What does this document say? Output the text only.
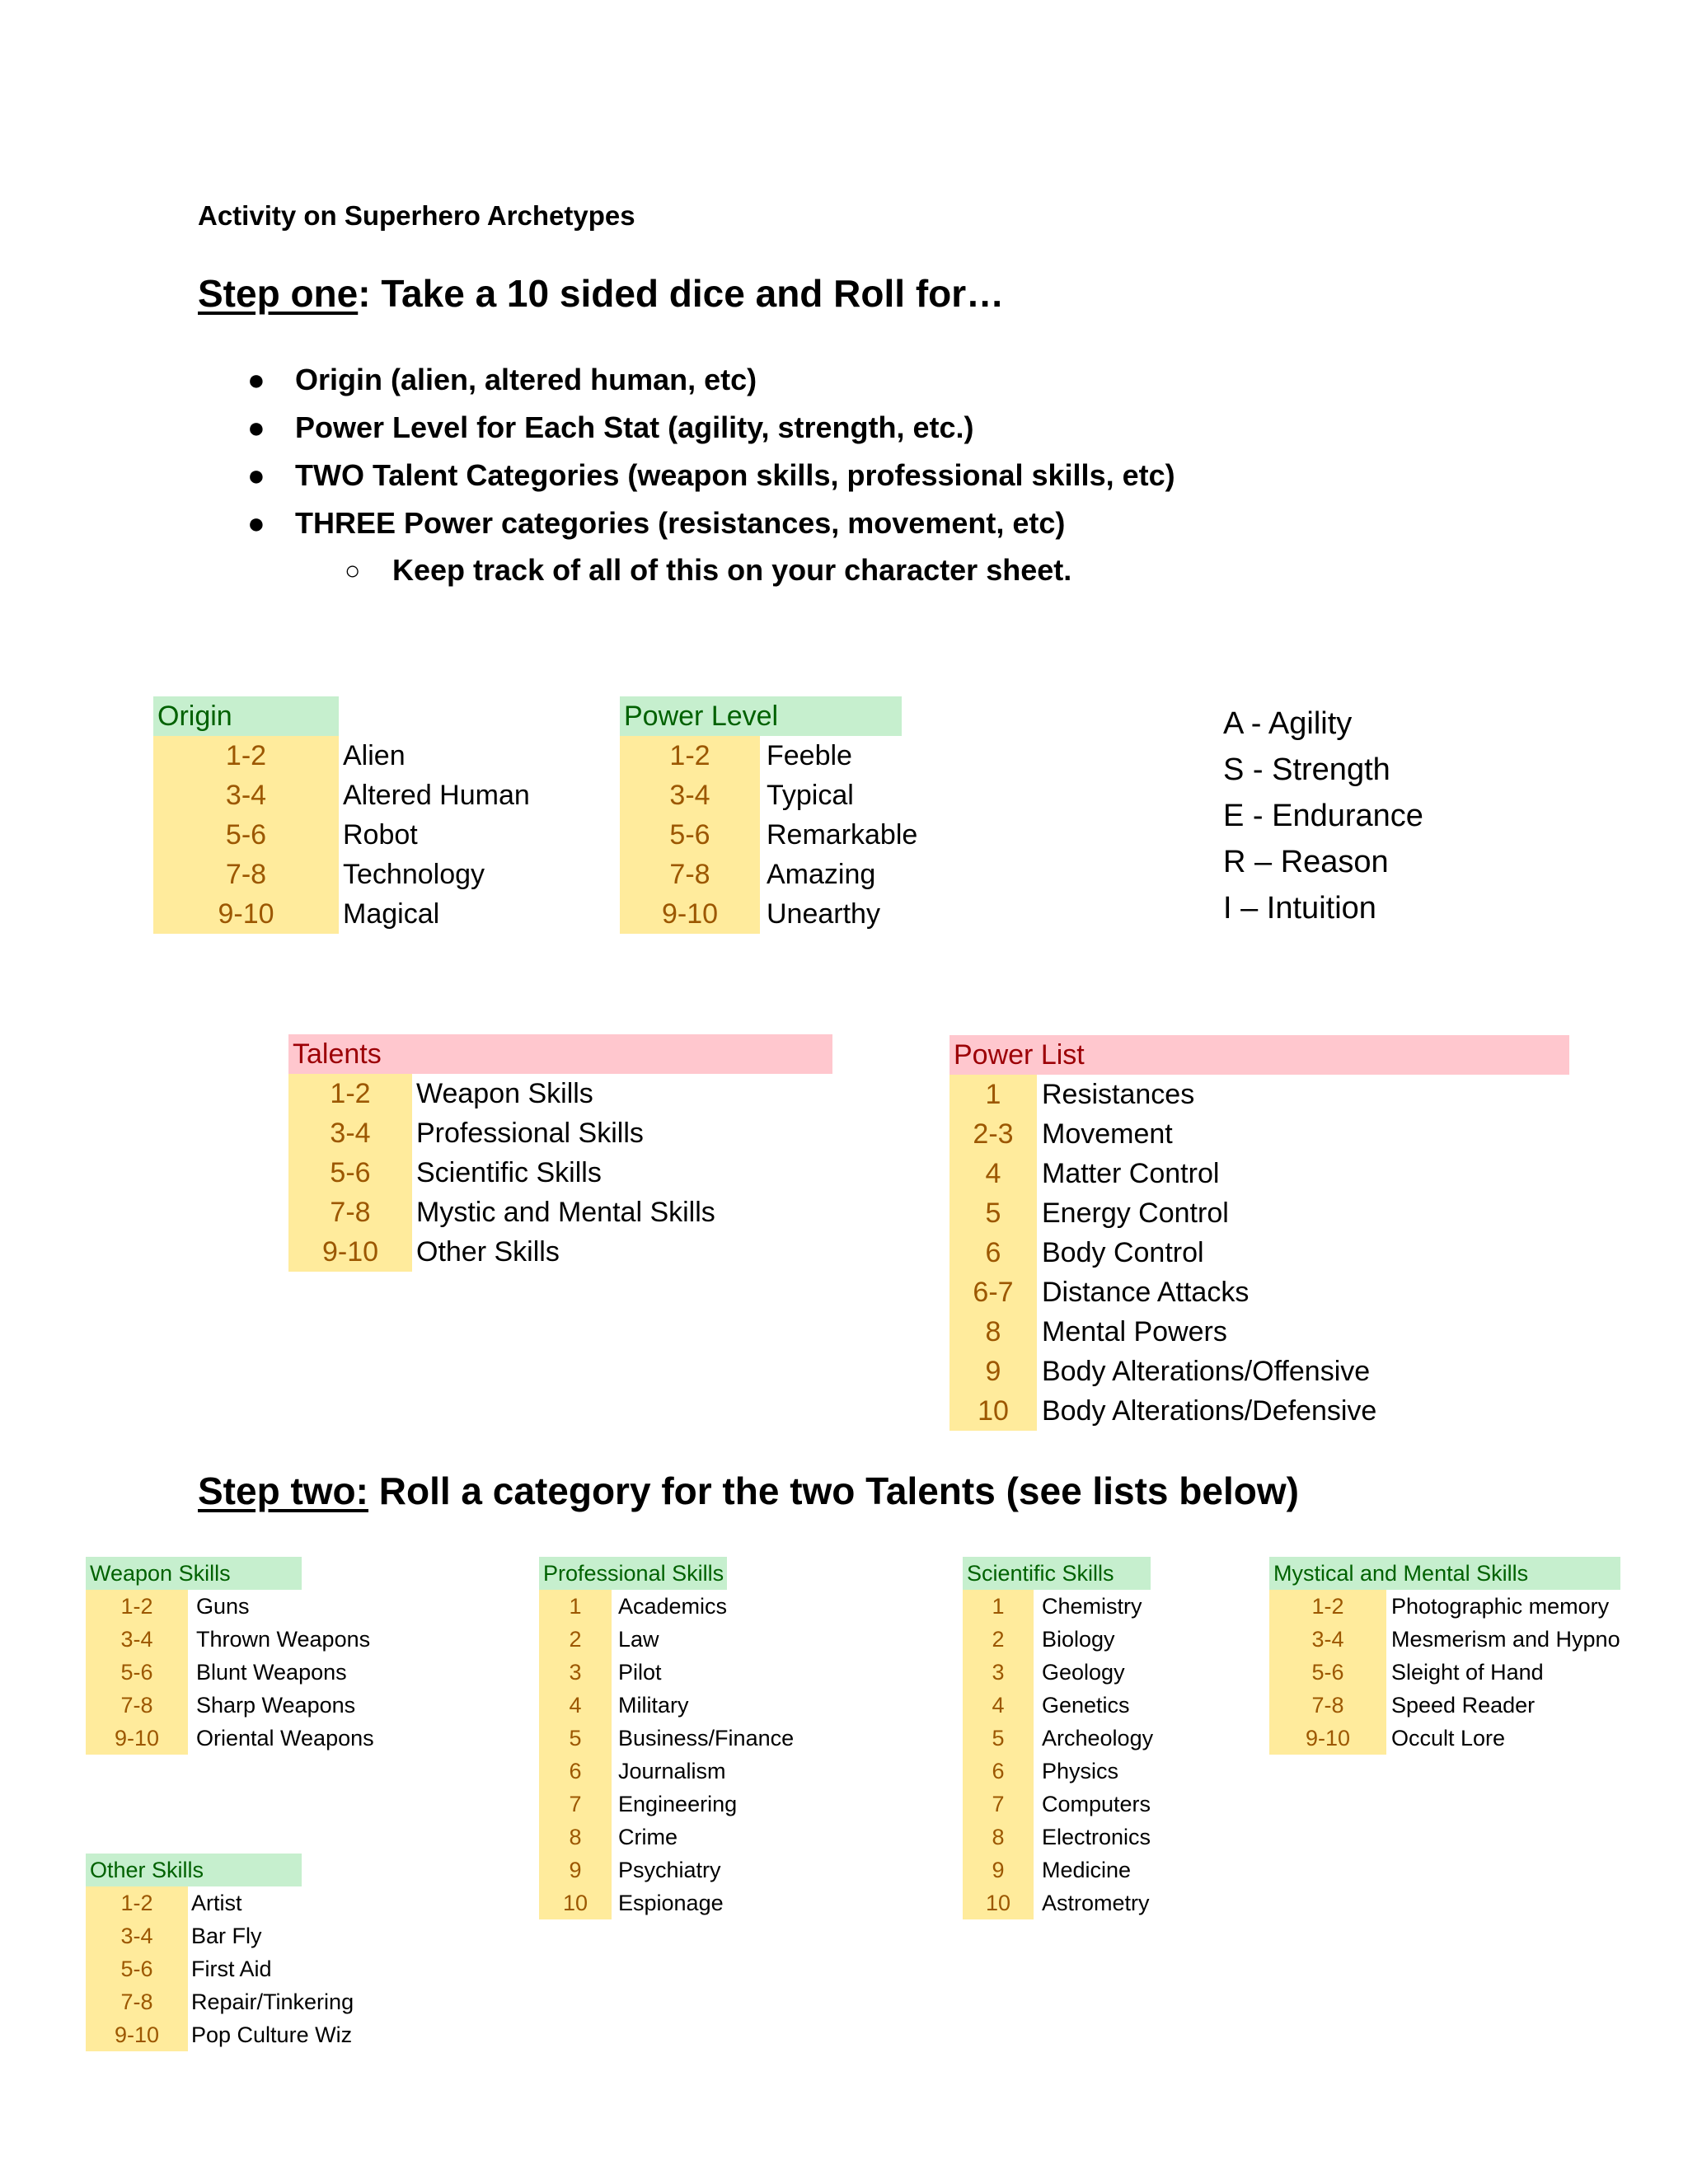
Activity on Superhero Archetypes
Step one: Take a 10 sided dice and Roll for…
● Origin (alien, altered human, etc)
● Power Level for Each Stat (agility, strength, etc.)
● TWO Talent Categories (weapon skills, professional skills, etc)
● THREE Power categories (resistances, movement, etc)
○ Keep track of all of this on your character sheet.
Origin
1-2	Alien
3-4	Altered Human
5-6	Robot
7-8	Technology
9-10	Magical
Power Level
1-2	Feeble
3-4	Typical
5-6	Remarkable
7-8	Amazing
9-10	Unearthy
A - Agility
S - Strength
E - Endurance
R – Reason
I – Intuition
Talents
1-2	Weapon Skills
3-4	Professional Skills
5-6	Scientific Skills
7-8	Mystic and Mental Skills
9-10	Other Skills
Power List
1	Resistances
2-3	Movement
4	Matter Control
5	Energy Control
6	Body Control
6-7	Distance Attacks
8	Mental Powers
9	Body Alterations/Offensive
10	Body Alterations/Defensive
Step two: Roll a category for the two Talents (see lists below)
Weapon Skills
1-2	Guns
3-4	Thrown Weapons
5-6	Blunt Weapons
7-8	Sharp Weapons
9-10	Oriental Weapons
Professional Skills
1	Academics
2	Law
3	Pilot
4	Military
5	Business/Finance
6	Journalism
7	Engineering
8	Crime
9	Psychiatry
10	Espionage
Scientific Skills
1	Chemistry
2	Biology
3	Geology
4	Genetics
5	Archeology
6	Physics
7	Computers
8	Electronics
9	Medicine
10	Astrometry
Mystical and Mental Skills
1-2	Photographic memory
3-4	Mesmerism and Hypno
5-6	Sleight of Hand
7-8	Speed Reader
9-10	Occult Lore
Other Skills
1-2	Artist
3-4	Bar Fly
5-6	First Aid
7-8	Repair/Tinkering
9-10	Pop Culture Wiz
